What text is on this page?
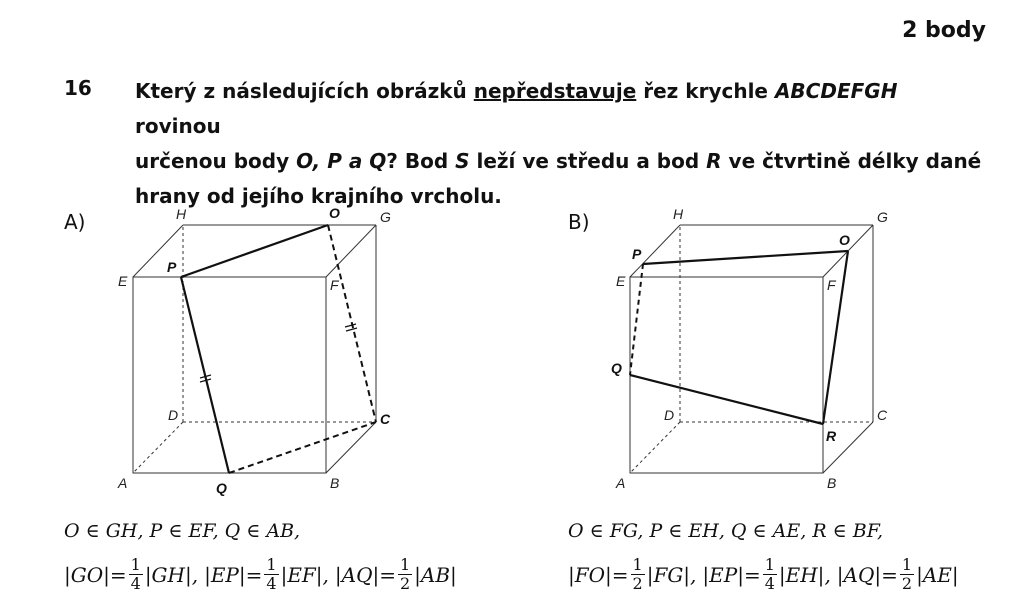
2 body
16 Který z následujících obrázků nepředstavuje řez krychle ABCDEFGH rovinou
určenou body O, P a Q? Bod S leží ve středu a bod R ve čtvrtině délky dané
hrany od jejího krajního vrcholu.
A)
E
H	G
F
D
A	B
P
O
Q
C
O ∈ GH, P ∈ EF, Q ∈ AB,
$|GO| = \frac{1}{4} |GH|$ , $|EP| = \frac{1}{4} |EF|$ , $|AQ| = \frac{1}{2} |AB|$
B)
E
H	G
F
D	C
A	B
P
O
Q
R
O ∈ FG, P ∈ EH, Q ∈ AE, R ∈ BF,
$|FO| = \frac{1}{2} |FG|$ , $|EP| = \frac{1}{4} |EH|$ , $|AQ| = \frac{1}{2} |AE|$
